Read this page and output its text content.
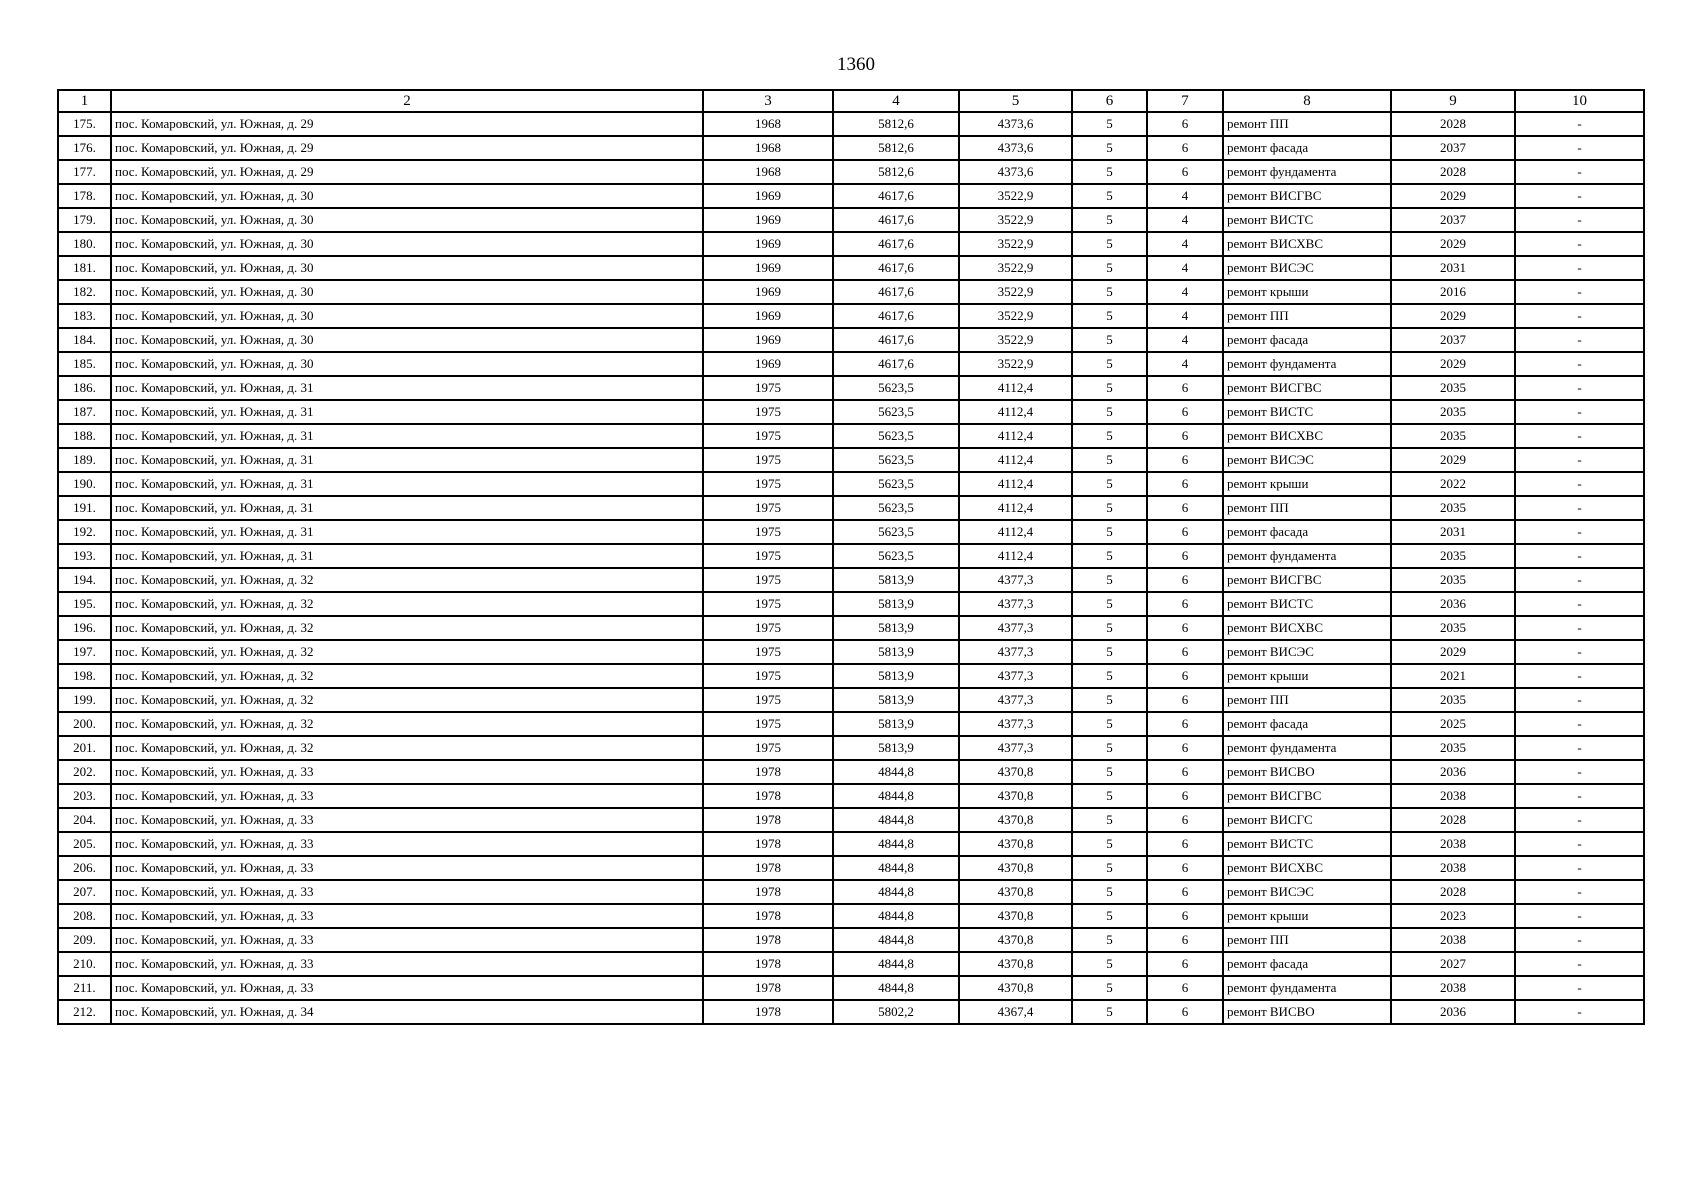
1360
1	2	3	4	5	6	7	8	9	10
175.	пос. Комаровский, ул. Южная, д. 29	1968	5812,6	4373,6	5	6	ремонт ПП	2028	-
176.	пос. Комаровский, ул. Южная, д. 29	1968	5812,6	4373,6	5	6	ремонт фасада	2037	-
177.	пос. Комаровский, ул. Южная, д. 29	1968	5812,6	4373,6	5	6	ремонт фундамента	2028	-
178.	пос. Комаровский, ул. Южная, д. 30	1969	4617,6	3522,9	5	4	ремонт ВИСГВС	2029	-
179.	пос. Комаровский, ул. Южная, д. 30	1969	4617,6	3522,9	5	4	ремонт ВИСТС	2037	-
180.	пос. Комаровский, ул. Южная, д. 30	1969	4617,6	3522,9	5	4	ремонт ВИСХВС	2029	-
181.	пос. Комаровский, ул. Южная, д. 30	1969	4617,6	3522,9	5	4	ремонт ВИСЭС	2031	-
182.	пос. Комаровский, ул. Южная, д. 30	1969	4617,6	3522,9	5	4	ремонт крыши	2016	-
183.	пос. Комаровский, ул. Южная, д. 30	1969	4617,6	3522,9	5	4	ремонт ПП	2029	-
184.	пос. Комаровский, ул. Южная, д. 30	1969	4617,6	3522,9	5	4	ремонт фасада	2037	-
185.	пос. Комаровский, ул. Южная, д. 30	1969	4617,6	3522,9	5	4	ремонт фундамента	2029	-
186.	пос. Комаровский, ул. Южная, д. 31	1975	5623,5	4112,4	5	6	ремонт ВИСГВС	2035	-
187.	пос. Комаровский, ул. Южная, д. 31	1975	5623,5	4112,4	5	6	ремонт ВИСТС	2035	-
188.	пос. Комаровский, ул. Южная, д. 31	1975	5623,5	4112,4	5	6	ремонт ВИСХВС	2035	-
189.	пос. Комаровский, ул. Южная, д. 31	1975	5623,5	4112,4	5	6	ремонт ВИСЭС	2029	-
190.	пос. Комаровский, ул. Южная, д. 31	1975	5623,5	4112,4	5	6	ремонт крыши	2022	-
191.	пос. Комаровский, ул. Южная, д. 31	1975	5623,5	4112,4	5	6	ремонт ПП	2035	-
192.	пос. Комаровский, ул. Южная, д. 31	1975	5623,5	4112,4	5	6	ремонт фасада	2031	-
193.	пос. Комаровский, ул. Южная, д. 31	1975	5623,5	4112,4	5	6	ремонт фундамента	2035	-
194.	пос. Комаровский, ул. Южная, д. 32	1975	5813,9	4377,3	5	6	ремонт ВИСГВС	2035	-
195.	пос. Комаровский, ул. Южная, д. 32	1975	5813,9	4377,3	5	6	ремонт ВИСТС	2036	-
196.	пос. Комаровский, ул. Южная, д. 32	1975	5813,9	4377,3	5	6	ремонт ВИСХВС	2035	-
197.	пос. Комаровский, ул. Южная, д. 32	1975	5813,9	4377,3	5	6	ремонт ВИСЭС	2029	-
198.	пос. Комаровский, ул. Южная, д. 32	1975	5813,9	4377,3	5	6	ремонт крыши	2021	-
199.	пос. Комаровский, ул. Южная, д. 32	1975	5813,9	4377,3	5	6	ремонт ПП	2035	-
200.	пос. Комаровский, ул. Южная, д. 32	1975	5813,9	4377,3	5	6	ремонт фасада	2025	-
201.	пос. Комаровский, ул. Южная, д. 32	1975	5813,9	4377,3	5	6	ремонт фундамента	2035	-
202.	пос. Комаровский, ул. Южная, д. 33	1978	4844,8	4370,8	5	6	ремонт ВИСВО	2036	-
203.	пос. Комаровский, ул. Южная, д. 33	1978	4844,8	4370,8	5	6	ремонт ВИСГВС	2038	-
204.	пос. Комаровский, ул. Южная, д. 33	1978	4844,8	4370,8	5	6	ремонт ВИСГС	2028	-
205.	пос. Комаровский, ул. Южная, д. 33	1978	4844,8	4370,8	5	6	ремонт ВИСТС	2038	-
206.	пос. Комаровский, ул. Южная, д. 33	1978	4844,8	4370,8	5	6	ремонт ВИСХВС	2038	-
207.	пос. Комаровский, ул. Южная, д. 33	1978	4844,8	4370,8	5	6	ремонт ВИСЭС	2028	-
208.	пос. Комаровский, ул. Южная, д. 33	1978	4844,8	4370,8	5	6	ремонт крыши	2023	-
209.	пос. Комаровский, ул. Южная, д. 33	1978	4844,8	4370,8	5	6	ремонт ПП	2038	-
210.	пос. Комаровский, ул. Южная, д. 33	1978	4844,8	4370,8	5	6	ремонт фасада	2027	-
211.	пос. Комаровский, ул. Южная, д. 33	1978	4844,8	4370,8	5	6	ремонт фундамента	2038	-
212.	пос. Комаровский, ул. Южная, д. 34	1978	5802,2	4367,4	5	6	ремонт ВИСВО	2036	-
